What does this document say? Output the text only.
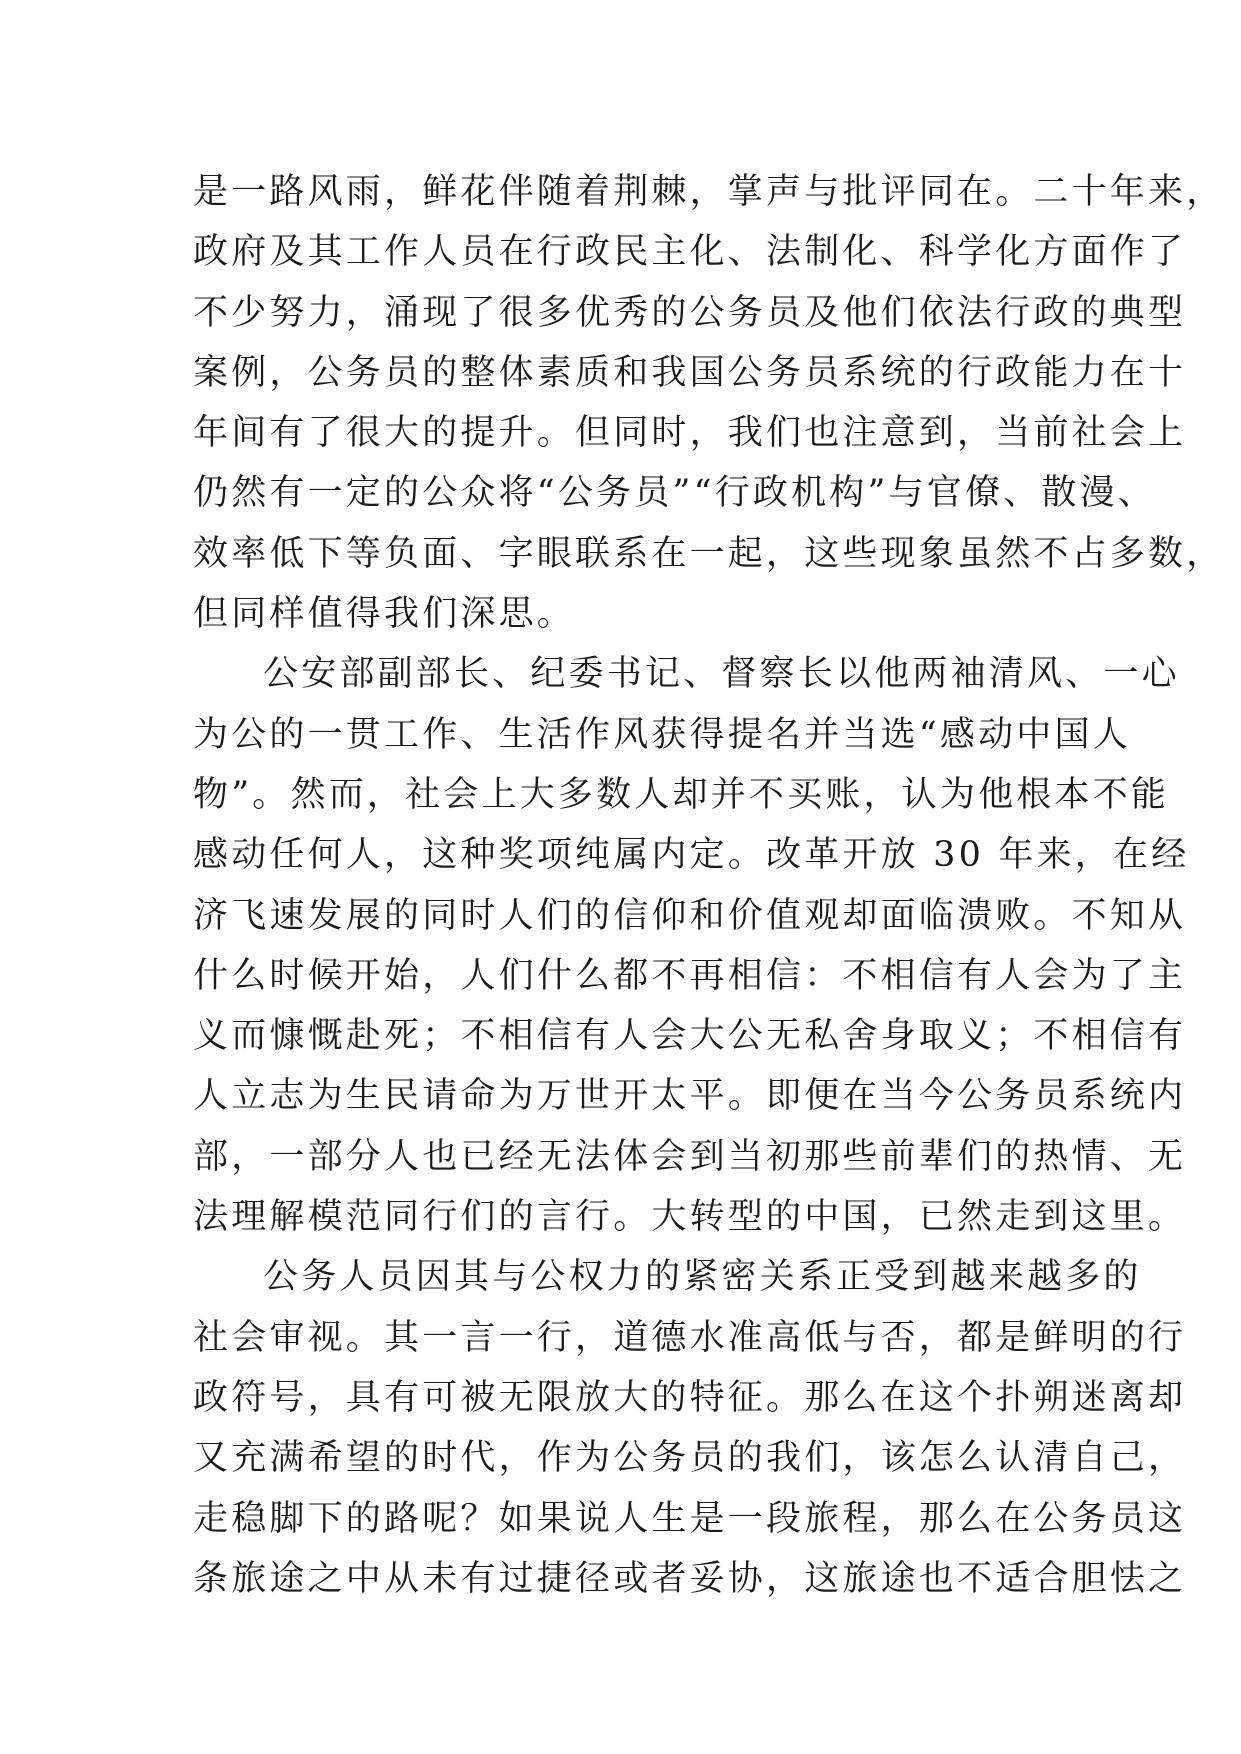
是一路风雨，鲜花伴随着荆棘，掌声与批评同在。二十年来，
政府及其工作人员在行政民主化、法制化、科学化方面作了
不少努力，涌现了很多优秀的公务员及他们依法行政的典型
案例，公务员的整体素质和我国公务员系统的行政能力在十
年间有了很大的提升。但同时，我们也注意到，当前社会上
仍然有一定的公众将“公务员”“行政机构”与官僚、散漫、
效率低下等负面、字眼联系在一起，这些现象虽然不占多数，
但同样值得我们深思。
公安部副部长、纪委书记、督察长以他两袖清风、一心
为公的一贯工作、生活作风获得提名并当选“感动中国人
物”。然而，社会上大多数人却并不买账，认为他根本不能
感动任何人，这种奖项纯属内定。改革开放 30 年来，在经
济飞速发展的同时人们的信仰和价值观却面临溃败。不知从
什么时候开始，人们什么都不再相信：不相信有人会为了主
义而慷慨赴死；不相信有人会大公无私舍身取义；不相信有
人立志为生民请命为万世开太平。即便在当今公务员系统内
部，一部分人也已经无法体会到当初那些前辈们的热情、无
法理解模范同行们的言行。大转型的中国，已然走到这里。
公务人员因其与公权力的紧密关系正受到越来越多的
社会审视。其一言一行，道德水准高低与否，都是鲜明的行
政符号，具有可被无限放大的特征。那么在这个扑朔迷离却
又充满希望的时代，作为公务员的我们，该怎么认清自己，
走稳脚下的路呢？如果说人生是一段旅程，那么在公务员这
条旅途之中从未有过捷径或者妥协，这旅途也不适合胆怯之
